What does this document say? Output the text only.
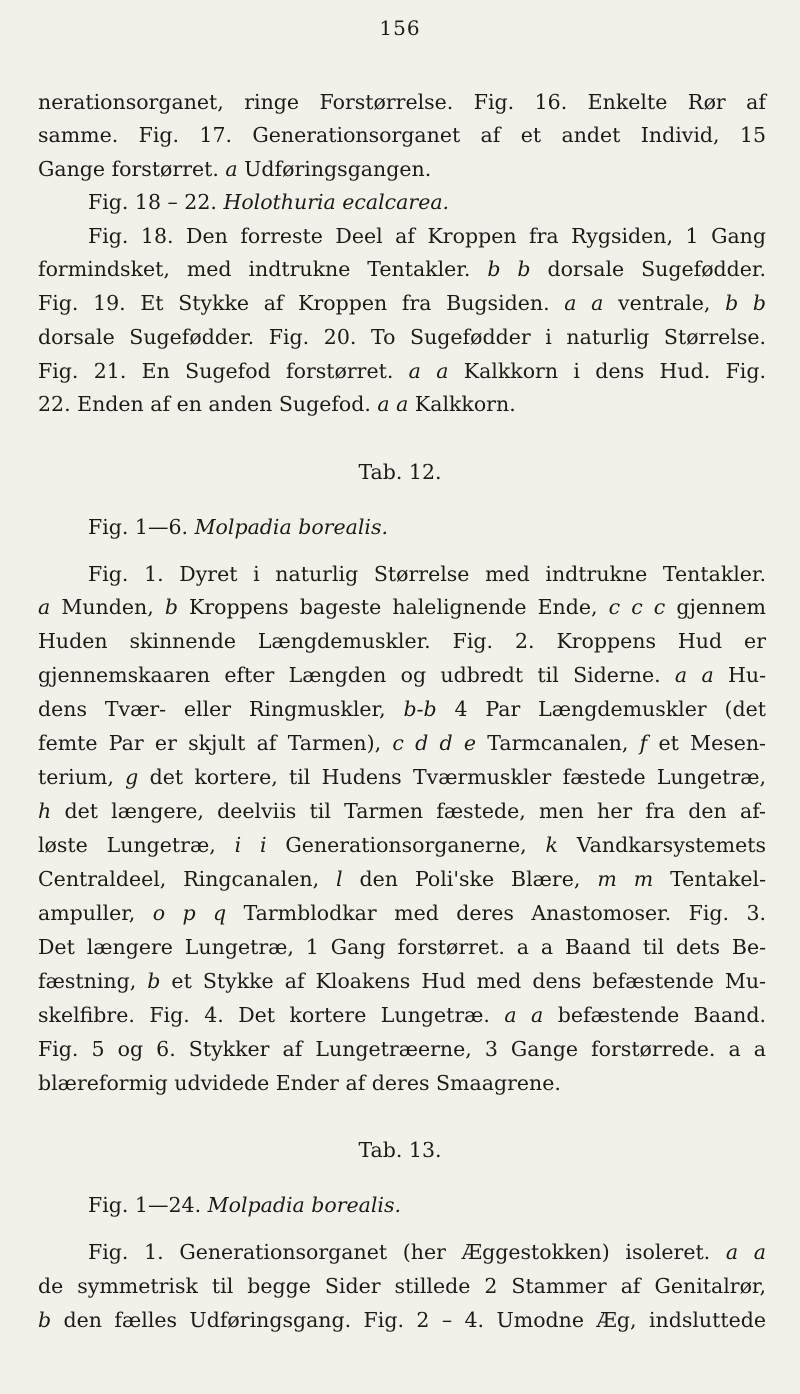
156
nerationsorganet, ringe Forstørrelse. Fig. 16. Enkelte Rør af
samme. Fig. 17. Generationsorganet af et andet Individ, 15
Gange forstørret. a Udføringsgangen.
Fig. 18 – 22. Holothuria ecalcarea.
Fig. 18. Den forreste Deel af Kroppen fra Rygsiden, 1 Gang
formindsket, med indtrukne Tentakler. b b dorsale Sugefødder.
Fig. 19. Et Stykke af Kroppen fra Bugsiden. a a ventrale, b b
dorsale Sugefødder. Fig. 20. To Sugefødder i naturlig Størrelse.
Fig. 21. En Sugefod forstørret. a a Kalkkorn i dens Hud. Fig.
22. Enden af en anden Sugefod. a a Kalkkorn.
Tab. 12.
Fig. 1—6. Molpadia borealis.
Fig. 1. Dyret i naturlig Størrelse med indtrukne Tentakler.
a Munden, b Kroppens bageste halelignende Ende, c c c gjennem
Huden skinnende Længdemuskler. Fig. 2. Kroppens Hud er
gjennemskaaren efter Længden og udbredt til Siderne. a a Hu-
dens Tvær- eller Ringmuskler, b-b 4 Par Længdemuskler (det
femte Par er skjult af Tarmen), c d d e Tarmcanalen, f et Mesen-
terium, g det kortere, til Hudens Tværmuskler fæstede Lungetræ,
h det længere, deelviis til Tarmen fæstede, men her fra den af-
løste Lungetræ, i i Generationsorganerne, k Vandkarsystemets
Centraldeel, Ringcanalen, l den Poli'ske Blære, m m Tentakel-
ampuller, o p q Tarmblodkar med deres Anastomoser. Fig. 3.
Det længere Lungetræ, 1 Gang forstørret. a a Baand til dets Be-
fæstning, b et Stykke af Kloakens Hud med dens befæstende Mu-
skelfibre. Fig. 4. Det kortere Lungetræ. a a befæstende Baand.
Fig. 5 og 6. Stykker af Lungetræerne, 3 Gange forstørrede. a a
blæreformig udvidede Ender af deres Smaagrene.
Tab. 13.
Fig. 1—24. Molpadia borealis.
Fig. 1. Generationsorganet (her Æggestokken) isoleret. a a
de symmetrisk til begge Sider stillede 2 Stammer af Genitalrør,
b den fælles Udføringsgang. Fig. 2 – 4. Umodne Æg, indsluttede
